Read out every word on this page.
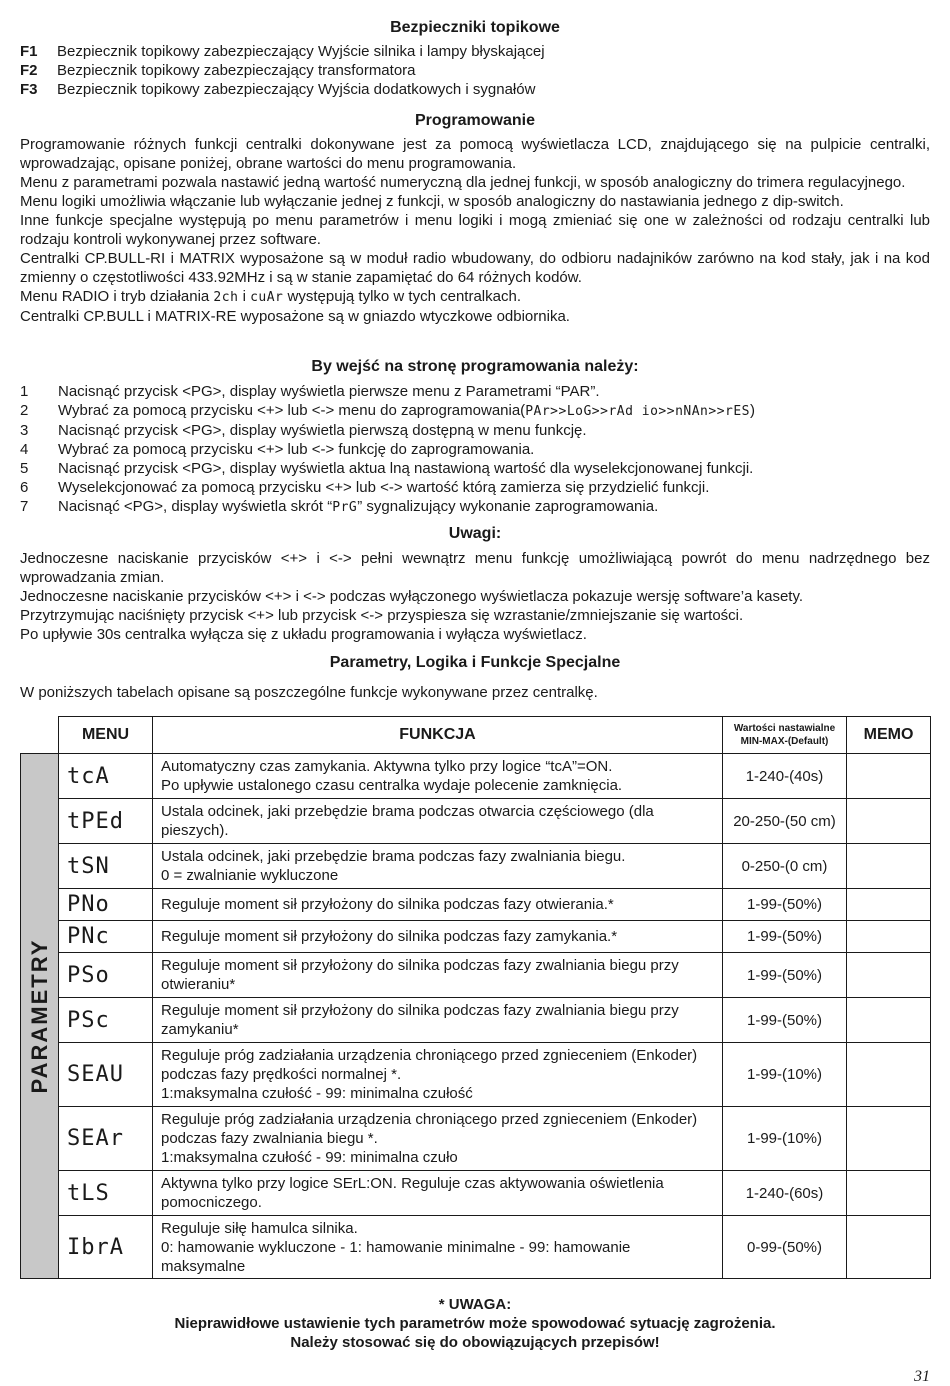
Bezpieczniki topikowe
F1	Bezpiecznik topikowy zabezpieczający Wyjście silnika i lampy błyskającej
F2	Bezpiecznik topikowy zabezpieczający transformatora
F3	Bezpiecznik topikowy zabezpieczający Wyjścia dodatkowych i sygnałów
Programowanie

Programowanie różnych funkcji centralki dokonywane jest za pomocą wyświetlacza LCD, znajdującego się na pulpicie centralki, wprowadzając, opisane poniżej, obrane wartości do menu programowania.

Menu z parametrami pozwala nastawić jedną wartość numeryczną dla jednej funkcji, w sposób analogiczny do trimera regulacyjnego.

Menu logiki umożliwia włączanie lub wyłączanie jednej z funkcji, w sposób analogiczny do nastawiania jednego z dip-switch.

Inne funkcje specjalne występują po menu parametrów i menu logiki i mogą zmieniać się one w zależności od rodzaju centralki lub rodzaju kontroli wykonywanej przez software.

Centralki CP.BULL-RI i MATRIX wyposażone są w moduł radio wbudowany, do odbioru nadajników zarówno na kod stały, jak i na kod zmienny o częstotliwości 433.92MHz i są w stanie zapamiętać do 64 różnych kodów.

Menu RADIO i tryb działania 2ch i cuAr występują tylko w tych centralkach.

Centralki CP.BULL i MATRIX-RE wyposażone są w gniazdo wtyczkowe odbiornika.

By wejść na stronę programowania należy:
1	Nacisnąć przycisk <PG>, display wyświetla pierwsze menu z Parametrami “PAR”.
2	Wybrać za pomocą przycisku <+> lub <-> menu do zaprogramowania(PAr>>LoG>>rAd io>>nNAn>>rES)
3	Nacisnąć przycisk <PG>, display wyświetla pierwszą dostępną w menu funkcję.
4	Wybrać za pomocą przycisku <+> lub <-> funkcję do zaprogramowania.
5	Nacisnąć przycisk <PG>, display wyświetla aktua lną nastawioną wartość dla wyselekcjonowanej funkcji.
6	Wyselekcjonować za pomocą przycisku <+> lub <-> wartość którą zamierza się przydzielić funkcji.
7	Nacisnąć <PG>, display wyświetla skrót “PrG” sygnalizujący wykonanie zaprogramowania.
Uwagi:

Jednoczesne naciskanie przycisków <+> i <-> pełni wewnątrz menu funkcję umożliwiającą powrót do menu nadrzędnego bez wprowadzania zmian.

Jednoczesne naciskanie przycisków <+> i <-> podczas wyłączonego wyświetlacza pokazuje wersję software’a kasety.

Przytrzymując naciśnięty przycisk <+> lub przycisk <-> przyspiesza się wzrastanie/zmniejszanie się wartości.

Po upływie 30s centralka wyłącza się z układu programowania i wyłącza wyświetlacz.

Parametry, Logika i Funkcje Specjalne
W poniższych tabelach opisane są poszczególne funkcje wykonywane przez centralkę.
	MENU	FUNKCJA	Wartości nastawialne
MIN-MAX-(Default)	MEMO

PARAMETRY	tcA	Automatyczny czas zamykania. Aktywna tylko przy logice “tcA”=ON.
Po upływie ustalonego czasu centralka wydaje polecenie zamknięcia.	1-240-(40s)	
	tPEd	Ustala odcinek, jaki przebędzie brama podczas otwarcia częściowego (dla pieszych).	20-250-(50 cm)	
	tSN	Ustala odcinek, jaki przebędzie brama podczas fazy zwalniania biegu.
0 = zwalnianie wykluczone	0-250-(0 cm)	
	PNo	Reguluje moment sił przyłożony do silnika podczas fazy otwierania.*	1-99-(50%)	
	PNc	Reguluje moment sił przyłożony do silnika podczas fazy zamykania.*	1-99-(50%)	
	PSo	Reguluje moment sił przyłożony do silnika podczas fazy zwalniania biegu przy otwieraniu*	1-99-(50%)	
	PSc	Reguluje moment sił przyłożony do silnika podczas fazy zwalniania biegu przy zamykaniu*	1-99-(50%)	
	SEAU	Reguluje próg zadziałania urządzenia chroniącego przed zgnieceniem (Enkoder) podczas fazy prędkości normalnej *.
1:maksymalna czułość - 99: minimalna czułość	1-99-(10%)	
	SEAr	Reguluje próg zadziałania urządzenia chroniącego przed zgnieceniem (Enkoder) podczas fazy zwalniania biegu *.
1:maksymalna czułość - 99: minimalna czuło	1-99-(10%)	
	tLS	Aktywna tylko przy logice SErL:ON. Reguluje czas aktywowania oświetlenia pomocniczego.	1-240-(60s)	
	IbrA	Reguluje siłę hamulca silnika.
0: hamowanie wykluczone - 1: hamowanie minimalne - 99: hamowanie maksymalne	0-99-(50%)	

* UWAGA:

Nieprawidłowe ustawienie tych parametrów może spowodować sytuację zagrożenia.

Należy stosować się do obowiązujących przepisów!

31
